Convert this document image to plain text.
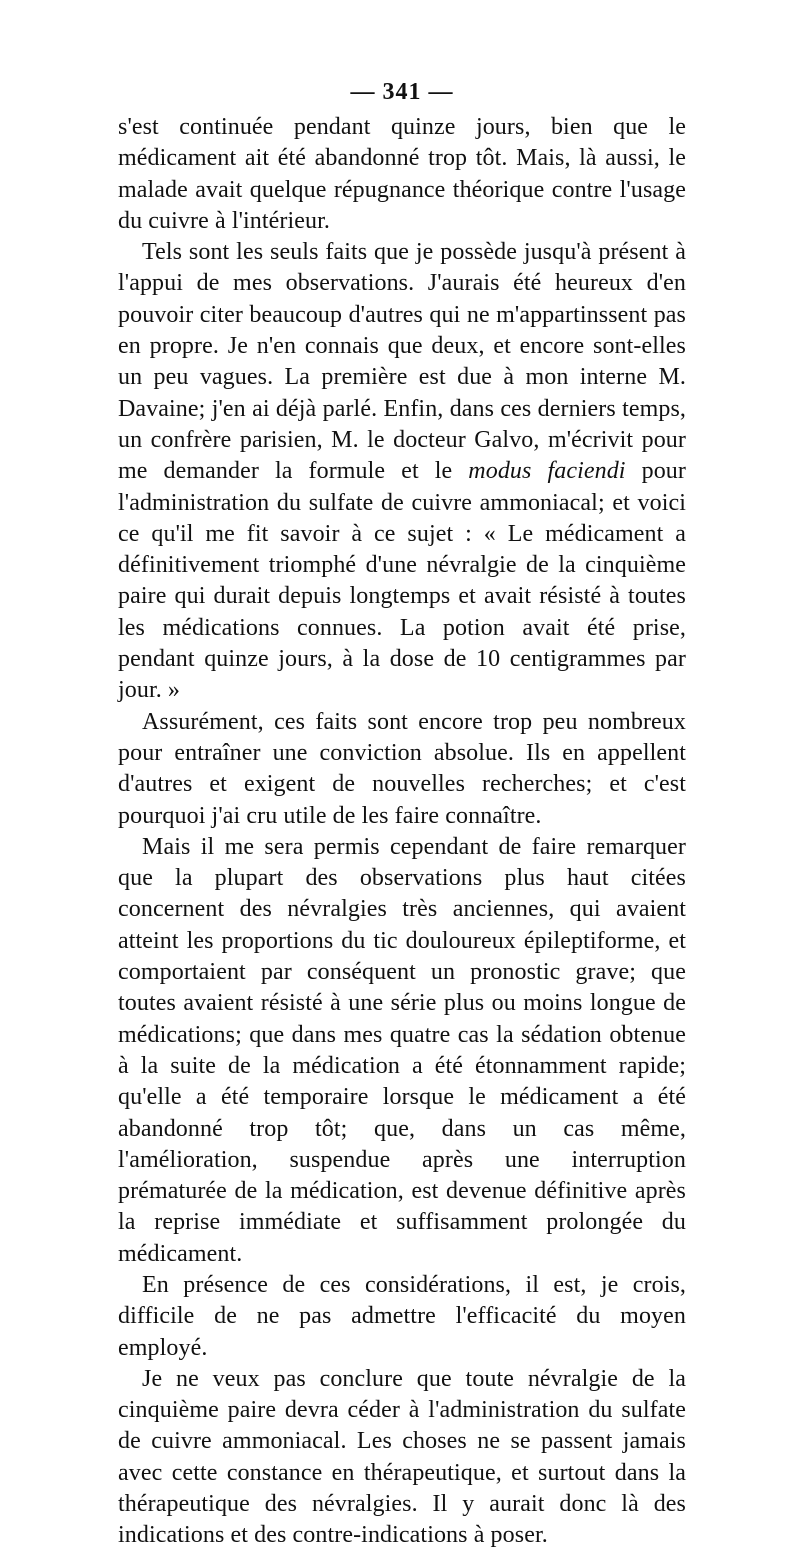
— 341 —

s'est continuée pendant quinze jours, bien que le médicament ait été abandonné trop tôt. Mais, là aussi, le malade avait quelque répugnance théorique contre l'usage du cuivre à l'intérieur.

Tels sont les seuls faits que je possède jusqu'à présent à l'appui de mes observations. J'aurais été heureux d'en pouvoir citer beaucoup d'autres qui ne m'appartinssent pas en propre. Je n'en connais que deux, et encore sont-elles un peu vagues. La première est due à mon interne M. Davaine; j'en ai déjà parlé. Enfin, dans ces derniers temps, un confrère parisien, M. le docteur Galvo, m'écrivit pour me demander la formule et le modus faciendi pour l'administration du sulfate de cuivre ammoniacal; et voici ce qu'il me fit savoir à ce sujet : « Le médicament a définitivement triomphé d'une névralgie de la cinquième paire qui durait depuis longtemps et avait résisté à toutes les médications connues. La potion avait été prise, pendant quinze jours, à la dose de 10 centigrammes par jour. »

Assurément, ces faits sont encore trop peu nombreux pour entraîner une conviction absolue. Ils en appellent d'autres et exigent de nouvelles recherches; et c'est pourquoi j'ai cru utile de les faire connaître.

Mais il me sera permis cependant de faire remarquer que la plupart des observations plus haut citées concernent des névralgies très anciennes, qui avaient atteint les proportions du tic douloureux épileptiforme, et comportaient par conséquent un pronostic grave; que toutes avaient résisté à une série plus ou moins longue de médications; que dans mes quatre cas la sédation obtenue à la suite de la médication a été étonnamment rapide; qu'elle a été temporaire lorsque le médicament a été abandonné trop tôt; que, dans un cas même, l'amélioration, suspendue après une interruption prématurée de la médication, est devenue définitive après la reprise immédiate et suffisamment prolongée du médicament.

En présence de ces considérations, il est, je crois, difficile de ne pas admettre l'efficacité du moyen employé.

Je ne veux pas conclure que toute névralgie de la cinquième paire devra céder à l'administration du sulfate de cuivre ammoniacal. Les choses ne se passent jamais avec cette constance en thérapeutique, et surtout dans la thérapeutique des névralgies. Il y aurait donc là des indications et des contre-indications à poser.
